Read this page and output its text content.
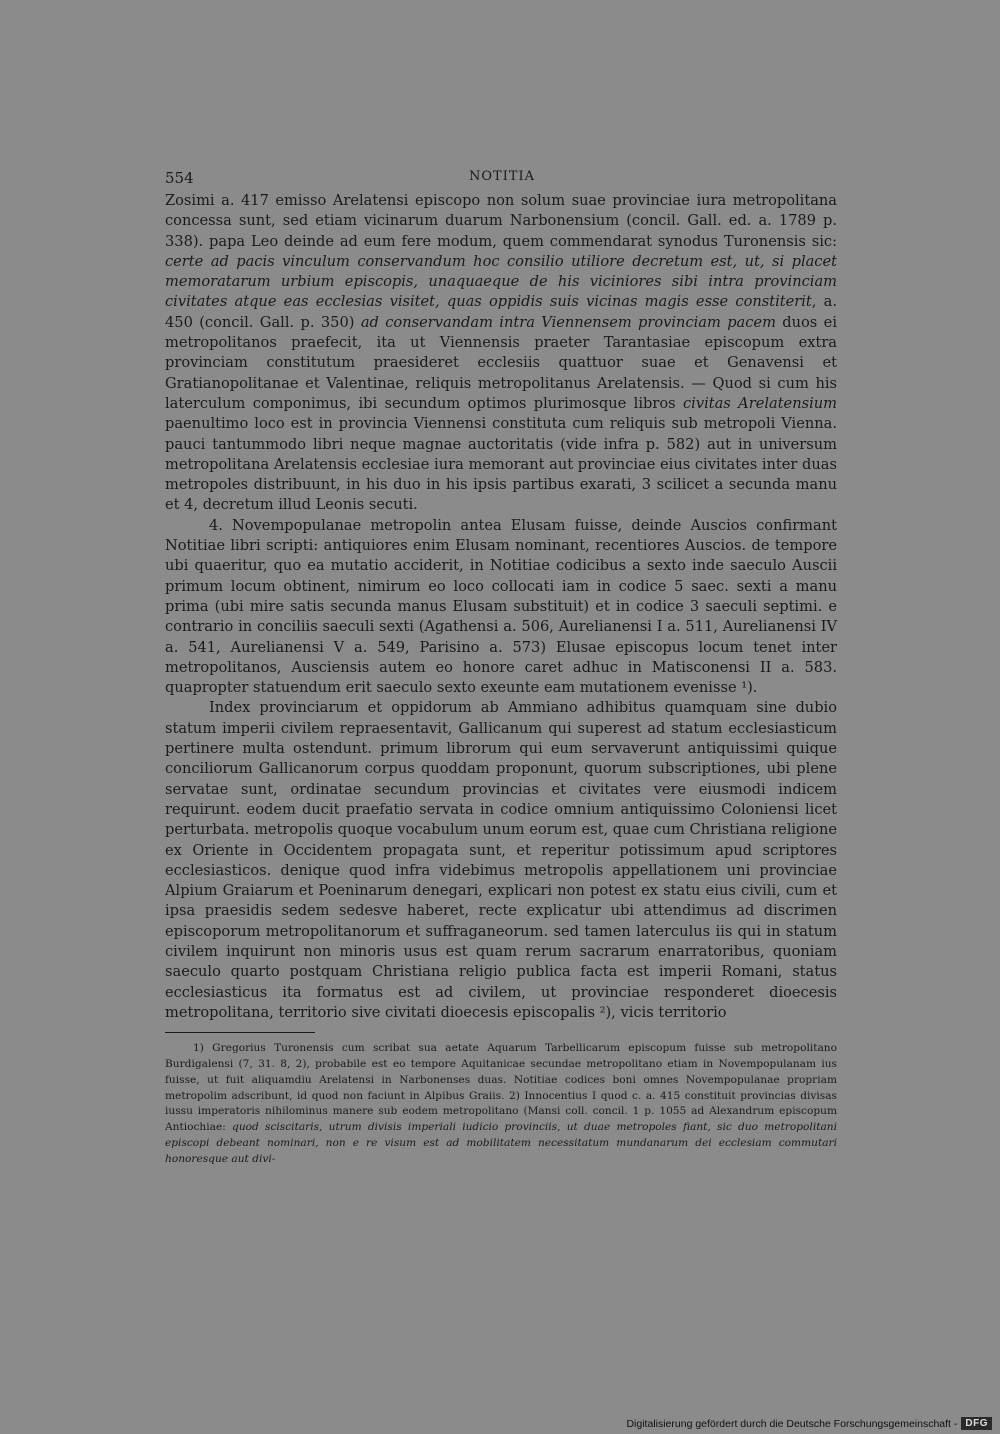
554	NOTITIA

Zosimi a. 417 emisso Arelatensi episcopo non solum suae provinciae iura metropolitana concessa sunt, sed etiam vicinarum duarum Narbonensium (concil. Gall. ed. a. 1789 p. 338). papa Leo deinde ad eum fere modum, quem commendarat synodus Turonensis sic: certe ad pacis vinculum conservandum hoc consilio utiliore decretum est, ut, si placet memoratarum urbium episcopis, unaquaeque de his viciniores sibi intra provinciam civitates atque eas ecclesias visitet, quas oppidis suis vicinas magis esse constiterit, a. 450 (concil. Gall. p. 350) ad conservandam intra Viennensem provinciam pacem duos ei metropolitanos praefecit, ita ut Viennensis praeter Tarantasiae episcopum extra provinciam constitutum praesideret ecclesiis quattuor suae et Genavensi et Gratianopolitanae et Valentinae, reliquis metropolitanus Arelatensis. — Quod si cum his laterculum componimus, ibi secundum optimos plurimosque libros civitas Arelatensium paenultimo loco est in provincia Viennensi constituta cum reliquis sub metropoli Vienna. pauci tantummodo libri neque magnae auctoritatis (vide infra p. 582) aut in universum metropolitana Arelatensis ecclesiae iura memorant aut provinciae eius civitates inter duas metropoles distribuunt, in his duo in his ipsis partibus exarati, 3 scilicet a secunda manu et 4, decretum illud Leonis secuti.

4. Novempopulanae metropolin antea Elusam fuisse, deinde Auscios confirmant Notitiae libri scripti: antiquiores enim Elusam nominant, recentiores Auscios. de tempore ubi quaeritur, quo ea mutatio acciderit, in Notitiae codicibus a sexto inde saeculo Auscii primum locum obtinent, nimirum eo loco collocati iam in codice 5 saec. sexti a manu prima (ubi mire satis secunda manus Elusam substituit) et in codice 3 saeculi septimi. e contrario in conciliis saeculi sexti (Agathensi a. 506, Aurelianensi I a. 511, Aurelianensi IV a. 541, Aurelianensi V a. 549, Parisino a. 573) Elusae episcopus locum tenet inter metropolitanos, Ausciensis autem eo honore caret adhuc in Matisconensi II a. 583. quapropter statuendum erit saeculo sexto exeunte eam mutationem evenisse ¹).

Index provinciarum et oppidorum ab Ammiano adhibitus quamquam sine dubio statum imperii civilem repraesentavit, Gallicanum qui superest ad statum ecclesiasticum pertinere multa ostendunt. primum librorum qui eum servaverunt antiquissimi quique conciliorum Gallicanorum corpus quoddam proponunt, quorum subscriptiones, ubi plene servatae sunt, ordinatae secundum provincias et civitates vere eiusmodi indicem requirunt. eodem ducit praefatio servata in codice omnium antiquissimo Coloniensi licet perturbata. metropolis quoque vocabulum unum eorum est, quae cum Christiana religione ex Oriente in Occidentem propagata sunt, et reperitur potissimum apud scriptores ecclesiasticos. denique quod infra videbimus metropolis appellationem uni provinciae Alpium Graiarum et Poeninarum denegari, explicari non potest ex statu eius civili, cum et ipsa praesidis sedem sedesve haberet, recte explicatur ubi attendimus ad discrimen episcoporum metropolitanorum et suffraganeorum. sed tamen laterculus iis qui in statum civilem inquirunt non minoris usus est quam rerum sacrarum enarratoribus, quoniam saeculo quarto postquam Christiana religio publica facta est imperii Romani, status ecclesiasticus ita formatus est ad civilem, ut provinciae responderet dioecesis metropolitana, territorio sive civitati dioecesis episcopalis ²), vicis territorio

1) Gregorius Turonensis cum scribat sua aetate Aquarum Tarbellicarum episcopum fuisse sub metropolitano Burdigalensi (7, 31. 8, 2), probabile est eo tempore Aquitanicae secundae metropolitano etiam in Novempopulanam ius fuisse, ut fuit aliquamdiu Arelatensi in Narbonenses duas. Notitiae codices boni omnes Novempopulanae propriam metropolim adscribunt, id quod non faciunt in Alpibus Graiis. 2) Innocentius I quod c. a. 415 constituit provincias divisas iussu imperatoris nihilominus manere sub eodem metropolitano (Mansi coll. concil. 1 p. 1055 ad Alexandrum episcopum Antiochiae: quod sciscitaris, utrum divisis imperiali iudicio provinciis, ut duae metropoles fiant, sic duo metropolitani episcopi debeant nominari, non e re visum est ad mobilitatem necessitatum mundanarum dei ecclesiam commutari honoresque aut divi-

Digitalisierung gefördert durch die Deutsche Forschungsgemeinschaft - DFG
